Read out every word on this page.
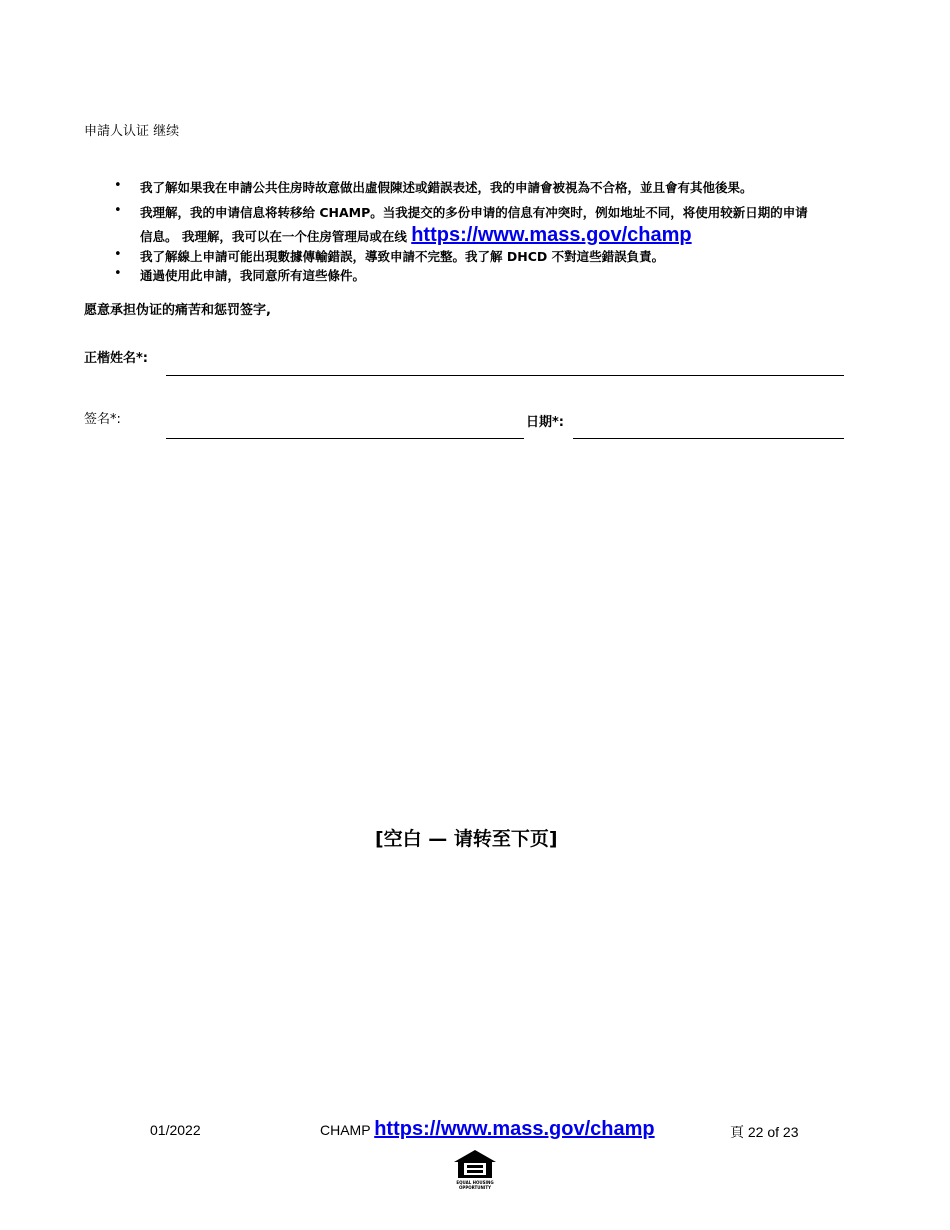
申請人认证 继续
• 我了解如果我在申請公共住房時故意做出虛假陳述或錯誤表述，我的申請會被視為不合格，並且會有其他後果。
• 我理解，我的申请信息将转移给 CHAMP。当我提交的多份申请的信息有冲突时，例如地址不同，将使用较新日期的申请
信息。 我理解，我可以在一个住房管理局或在线 https://www.mass.gov/champ
• 我了解線上申請可能出現數據傳輸錯誤，導致申請不完整。我了解 DHCD 不對這些錯誤負責。
• 通過使用此申請，我同意所有這些條件。
愿意承担伪证的痛苦和惩罚签字,
正楷姓名*:
签名*:	日期*:
[空白 — 请转至下页]
01/2022	CHAMP https://www.mass.gov/champ	頁 22 of 23
EQUAL HOUSING
OPPORTUNITY
